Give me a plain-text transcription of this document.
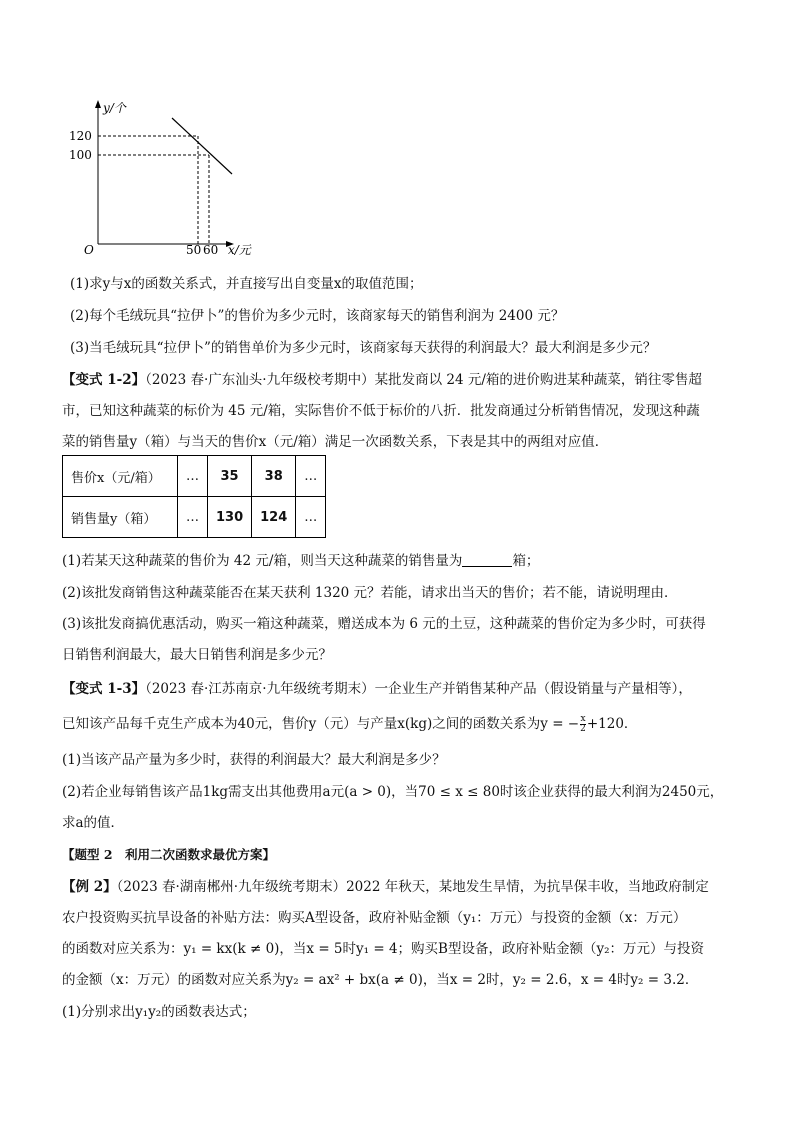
y/个
120
100
O	50 60 x/元
(1)求y与x的函数关系式，并直接写出自变量x的取值范围；
(2)每个毛绒玩具“拉伊卜”的售价为多少元时，该商家每天的销售利润为 2400 元？
(3)当毛绒玩具“拉伊卜”的销售单价为多少元时，该商家每天获得的利润最大？最大利润是多少元？
【变式 1-2】（2023 春·广东汕头·九年级校考期中）某批发商以 24 元/箱的进价购进某种蔬菜，销往零售超
市，已知这种蔬菜的标价为 45 元/箱，实际售价不低于标价的八折．批发商通过分析销售情况，发现这种蔬
菜的销售量y（箱）与当天的售价x（元/箱）满足一次函数关系，下表是其中的两组对应值．
售价x（元/箱）	…	35	38	…
销售量y（箱）	…	130	124	…
(1)若某天这种蔬菜的售价为 42 元/箱，则当天这种蔬菜的销售量为	箱；
(2)该批发商销售这种蔬菜能否在某天获利 1320 元？若能，请求出当天的售价；若不能，请说明理由．
(3)该批发商搞优惠活动，购买一箱这种蔬菜，赠送成本为 6 元的土豆，这种蔬菜的售价定为多少时，可获得
日销售利润最大，最大日销售利润是多少元？
【变式 1-3】（2023 春·江苏南京·九年级统考期末）一企业生产并销售某种产品（假设销量与产量相等），
已知该产品每千克生产成本为40元，售价y（元）与产量x(kg)之间的函数关系为y = − $\frac{x}{2} +120$．
(1)当该产品产量为多少时，获得的利润最大？最大利润是多少？
(2)若企业每销售该产品1kg需支出其他费用a元(a > 0)，当70 ≤ x ≤ 80时该企业获得的最大利润为2450元，
求a的值．
【题型 2　利用二次函数求最优方案】
【例 2】（2023 春·湖南郴州·九年级统考期末）2022 年秋天，某地发生旱情，为抗旱保丰收，当地政府制定
农户投资购买抗旱设备的补贴方法：购买A型设备，政府补贴金额（y₁：万元）与投资的金额（x：万元）
的函数对应关系为：y₁ = kx(k ≠ 0)，当x = 5时y₁ = 4；购买B型设备，政府补贴金额（y₂：万元）与投资
的金额（x：万元）的函数对应关系为y₂ = ax² + bx(a ≠ 0)，当x = 2时，y₂ = 2.6，x = 4时y₂ = 3.2．
(1)分别求出y₁y₂的函数表达式；
